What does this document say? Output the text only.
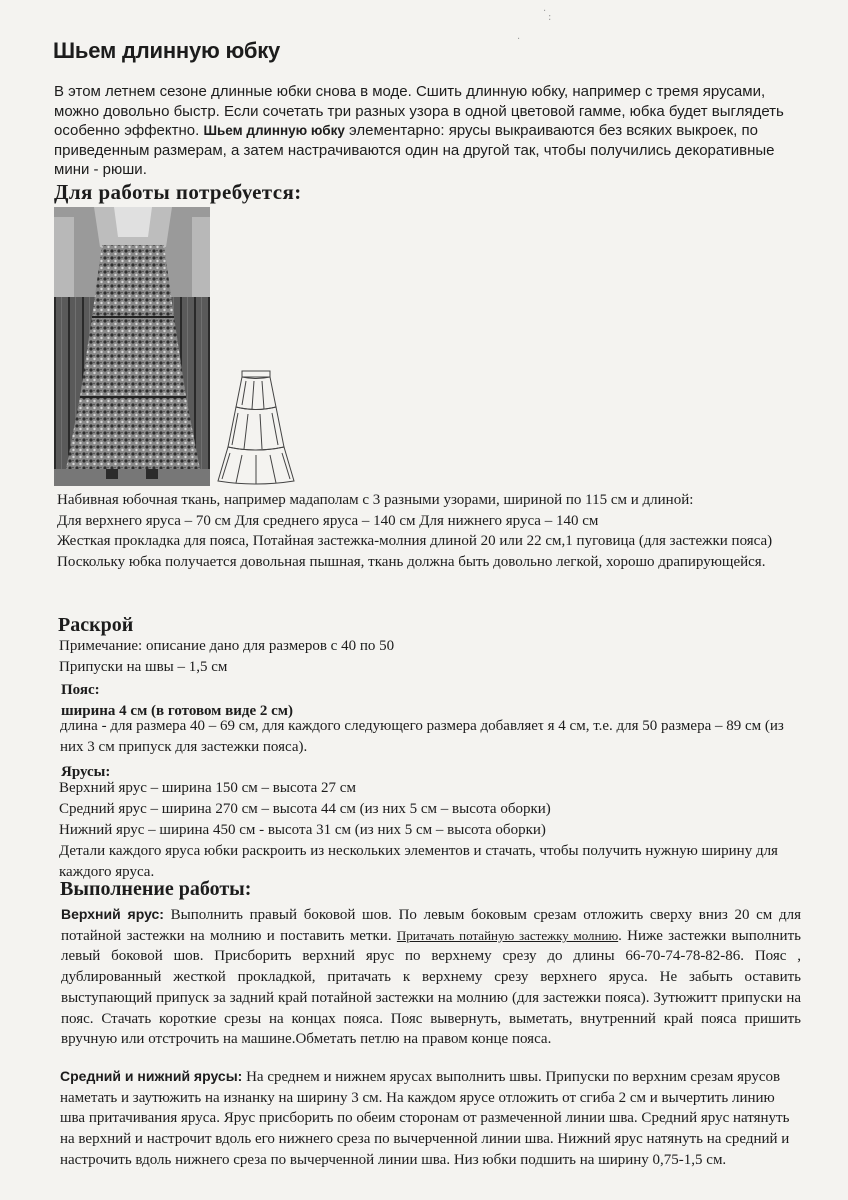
·
:
·
Шьем длинную юбку

В этом летнем сезоне длинные юбки снова в моде. Сшить длинную юбку, например с тремя ярусами, можно довольно быстр. Если сочетать три разных узора в одной цветовой гамме, юбка будет выглядеть особенно эффектно. Шьем длинную юбку элементарно: ярусы выкраиваются без всяких выкроек, по приведенным размерам, а затем настрачиваются один на другой так, чтобы получились декоративные мини - рюши.

Для работы потребуется:
Набивная юбочная ткань, например мадаполам с 3 разными узорами, шириной по 115 см и длиной:
Для верхнего яруса – 70 см Для среднего яруса – 140 см Для нижнего яруса – 140 см
Жесткая прокладка для пояса, Потайная застежка-молния длиной 20 или 22 см,1 пуговица (для застежки пояса)
Поскольку юбка получается довольная пышная, ткань должна быть довольно легкой, хорошо драпирующейся.
Раскрой
Примечание: описание дано для размеров с 40 по 50
Припуски на швы – 1,5 см
Пояс:
ширина 4 см (в готовом виде 2 см)
длина - для размера 40 – 69 см, для каждого следующего размера добавляеτ я 4 см, т.е. для 50 размера – 89 см (из них 3 см припуск для застежки пояса).
Ярусы:
Верхний ярус – ширина 150 см – высота 27 см
Средний ярус – ширина 270 см – высота 44 см (из них 5 см – высота оборки)
Нижний ярус – ширина 450 см - высота 31 см (из них 5 см – высота оборки)
Детали каждого яруса юбки раскроить из нескольких элементов и стачать, чтобы получить нужную ширину для каждого яруса.
Выполнение работы:

Верхний ярус: Выполнить правый боковой шов. По левым боковым срезам отложить сверху вниз 20 см для потайной застежки на молнию и поставить метки. Притачать потайную застежку молнию. Ниже застежки выполнить левый боковой шов. Присборить верхний ярус по верхнему срезу до длины 66-70-74-78-82-86. Пояс , дублированный жесткой прокладкой, притачать к верхнему срезу верхнего яруса. Не забыть оставить выступающий припуск за задний край потайной застежки на молнию (для застежки пояса). Зутюжитт припуски на пояс. Стачать короткие срезы на концах пояса. Пояс вывернуть, выметать, внутренний край пояса пришить вручную или отстрочить на машине.Обметать петлю на правом конце пояса.

Средний и нижний ярусы: На среднем и нижнем ярусах выполнить швы. Припуски по верхним срезам ярусов наметать и заутюжить на изнанку на ширину 3 см. На каждом ярусе отложить от сгиба 2 см и вычертить линию шва притачивания яруса. Ярус присборить по обеим сторонам от размеченной линии шва. Средний ярус натянуть на верхний и настрочит вдоль его нижнего среза по вычерченной линии шва. Нижний ярус натянуть на средний и настрочить вдоль нижнего среза по вычерченной линии шва. Низ юбки подшить на ширину 0,75-1,5 см.
